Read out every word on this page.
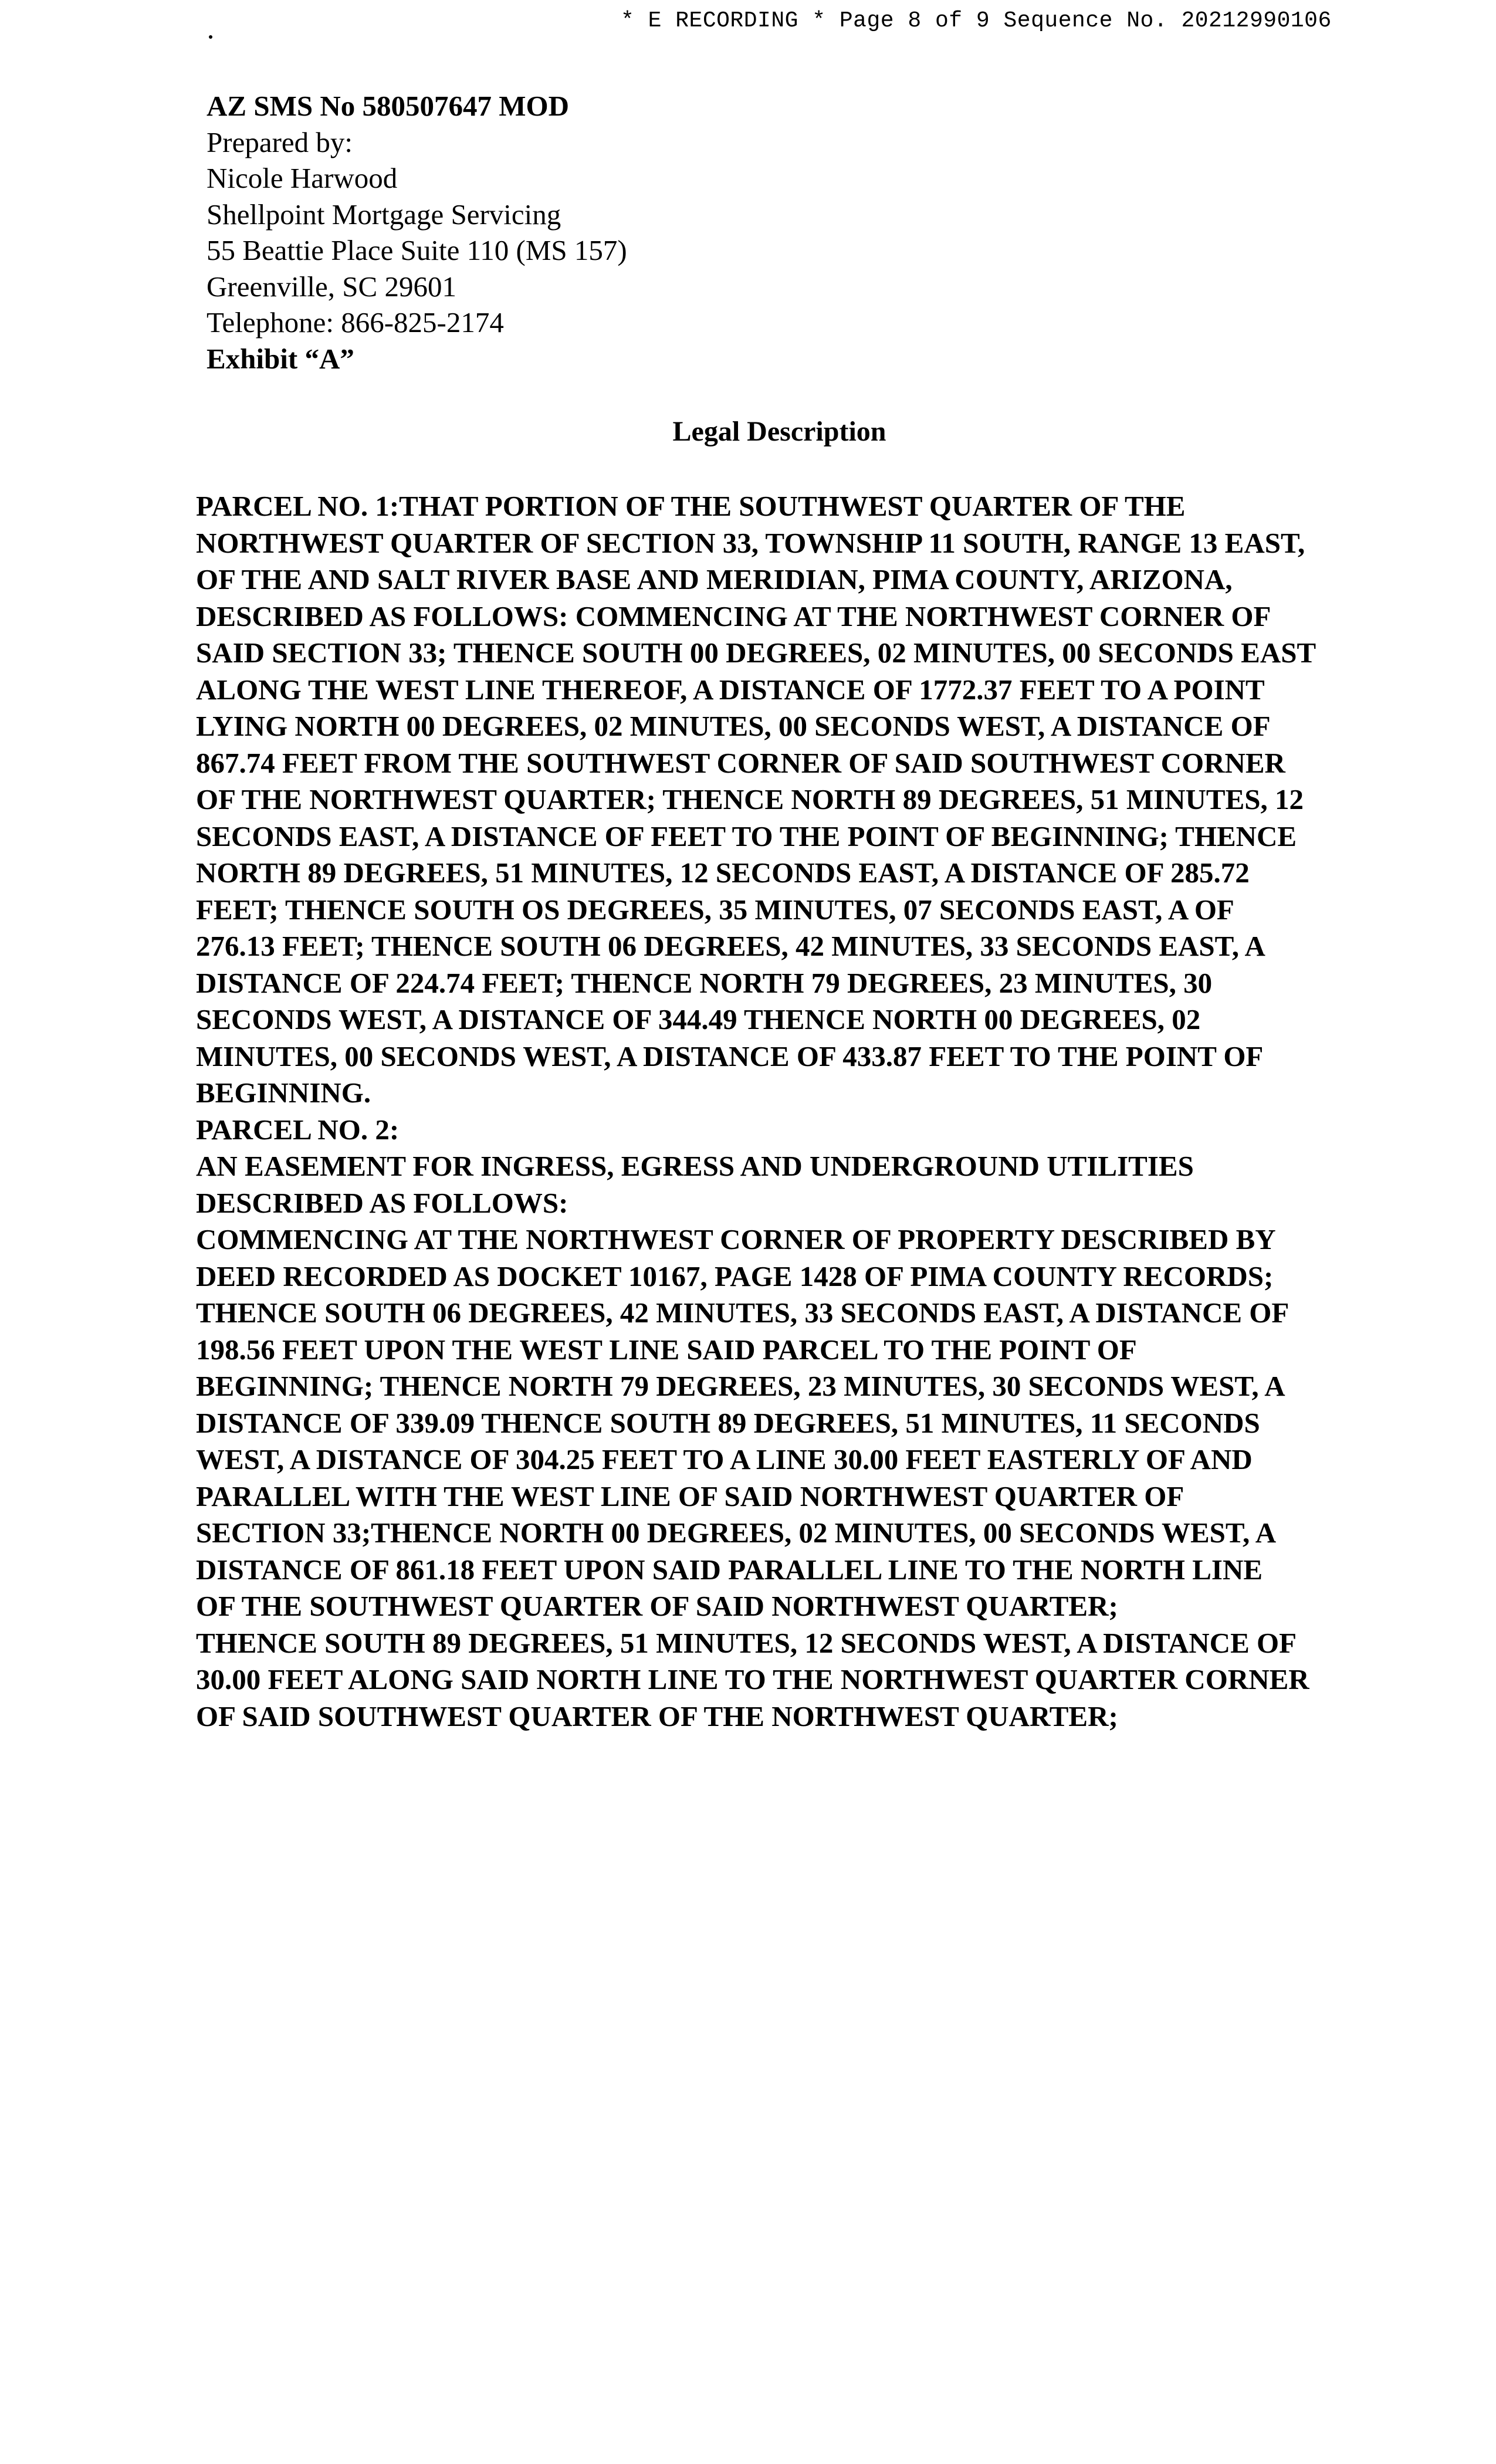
* E RECORDING * Page 8 of 9 Sequence No. 20212990106
AZ SMS No 580507647 MOD
Prepared by:
Nicole Harwood
Shellpoint Mortgage Servicing
55 Beattie Place Suite 110 (MS 157)
Greenville, SC 29601
Telephone: 866-825-2174
Exhibit “A”
Legal Description
PARCEL NO. 1:THAT PORTION OF THE SOUTHWEST QUARTER OF THE
NORTHWEST QUARTER OF SECTION 33, TOWNSHIP 11 SOUTH, RANGE 13 EAST,
OF THE AND SALT RIVER BASE AND MERIDIAN, PIMA COUNTY, ARIZONA,
DESCRIBED AS FOLLOWS: COMMENCING AT THE NORTHWEST CORNER OF
SAID SECTION 33; THENCE SOUTH 00 DEGREES, 02 MINUTES, 00 SECONDS EAST
ALONG THE WEST LINE THEREOF, A DISTANCE OF 1772.37 FEET TO A POINT
LYING NORTH 00 DEGREES, 02 MINUTES, 00 SECONDS WEST, A DISTANCE OF
867.74 FEET FROM THE SOUTHWEST CORNER OF SAID SOUTHWEST CORNER
OF THE NORTHWEST QUARTER; THENCE NORTH 89 DEGREES, 51 MINUTES, 12
SECONDS EAST, A DISTANCE OF FEET TO THE POINT OF BEGINNING; THENCE
NORTH 89 DEGREES, 51 MINUTES, 12 SECONDS EAST, A DISTANCE OF 285.72
FEET; THENCE SOUTH OS DEGREES, 35 MINUTES, 07 SECONDS EAST, A OF
276.13 FEET; THENCE SOUTH 06 DEGREES, 42 MINUTES, 33 SECONDS EAST, A
DISTANCE OF 224.74 FEET; THENCE NORTH 79 DEGREES, 23 MINUTES, 30
SECONDS WEST, A DISTANCE OF 344.49 THENCE NORTH 00 DEGREES, 02
MINUTES, 00 SECONDS WEST, A DISTANCE OF 433.87 FEET TO THE POINT OF
BEGINNING.
PARCEL NO. 2:
AN EASEMENT FOR INGRESS, EGRESS AND UNDERGROUND UTILITIES
DESCRIBED AS FOLLOWS:
COMMENCING AT THE NORTHWEST CORNER OF PROPERTY DESCRIBED BY
DEED RECORDED AS DOCKET 10167, PAGE 1428 OF PIMA COUNTY RECORDS;
THENCE SOUTH 06 DEGREES, 42 MINUTES, 33 SECONDS EAST, A DISTANCE OF
198.56 FEET UPON THE WEST LINE SAID PARCEL TO THE POINT OF
BEGINNING; THENCE NORTH 79 DEGREES, 23 MINUTES, 30 SECONDS WEST, A
DISTANCE OF 339.09 THENCE SOUTH 89 DEGREES, 51 MINUTES, 11 SECONDS
WEST, A DISTANCE OF 304.25 FEET TO A LINE 30.00 FEET EASTERLY OF AND
PARALLEL WITH THE WEST LINE OF SAID NORTHWEST QUARTER OF
SECTION 33;THENCE NORTH 00 DEGREES, 02 MINUTES, 00 SECONDS WEST, A
DISTANCE OF 861.18 FEET UPON SAID PARALLEL LINE TO THE NORTH LINE
OF THE SOUTHWEST QUARTER OF SAID NORTHWEST QUARTER;
THENCE SOUTH 89 DEGREES, 51 MINUTES, 12 SECONDS WEST, A DISTANCE OF
30.00 FEET ALONG SAID NORTH LINE TO THE NORTHWEST QUARTER CORNER
OF SAID SOUTHWEST QUARTER OF THE NORTHWEST QUARTER;
